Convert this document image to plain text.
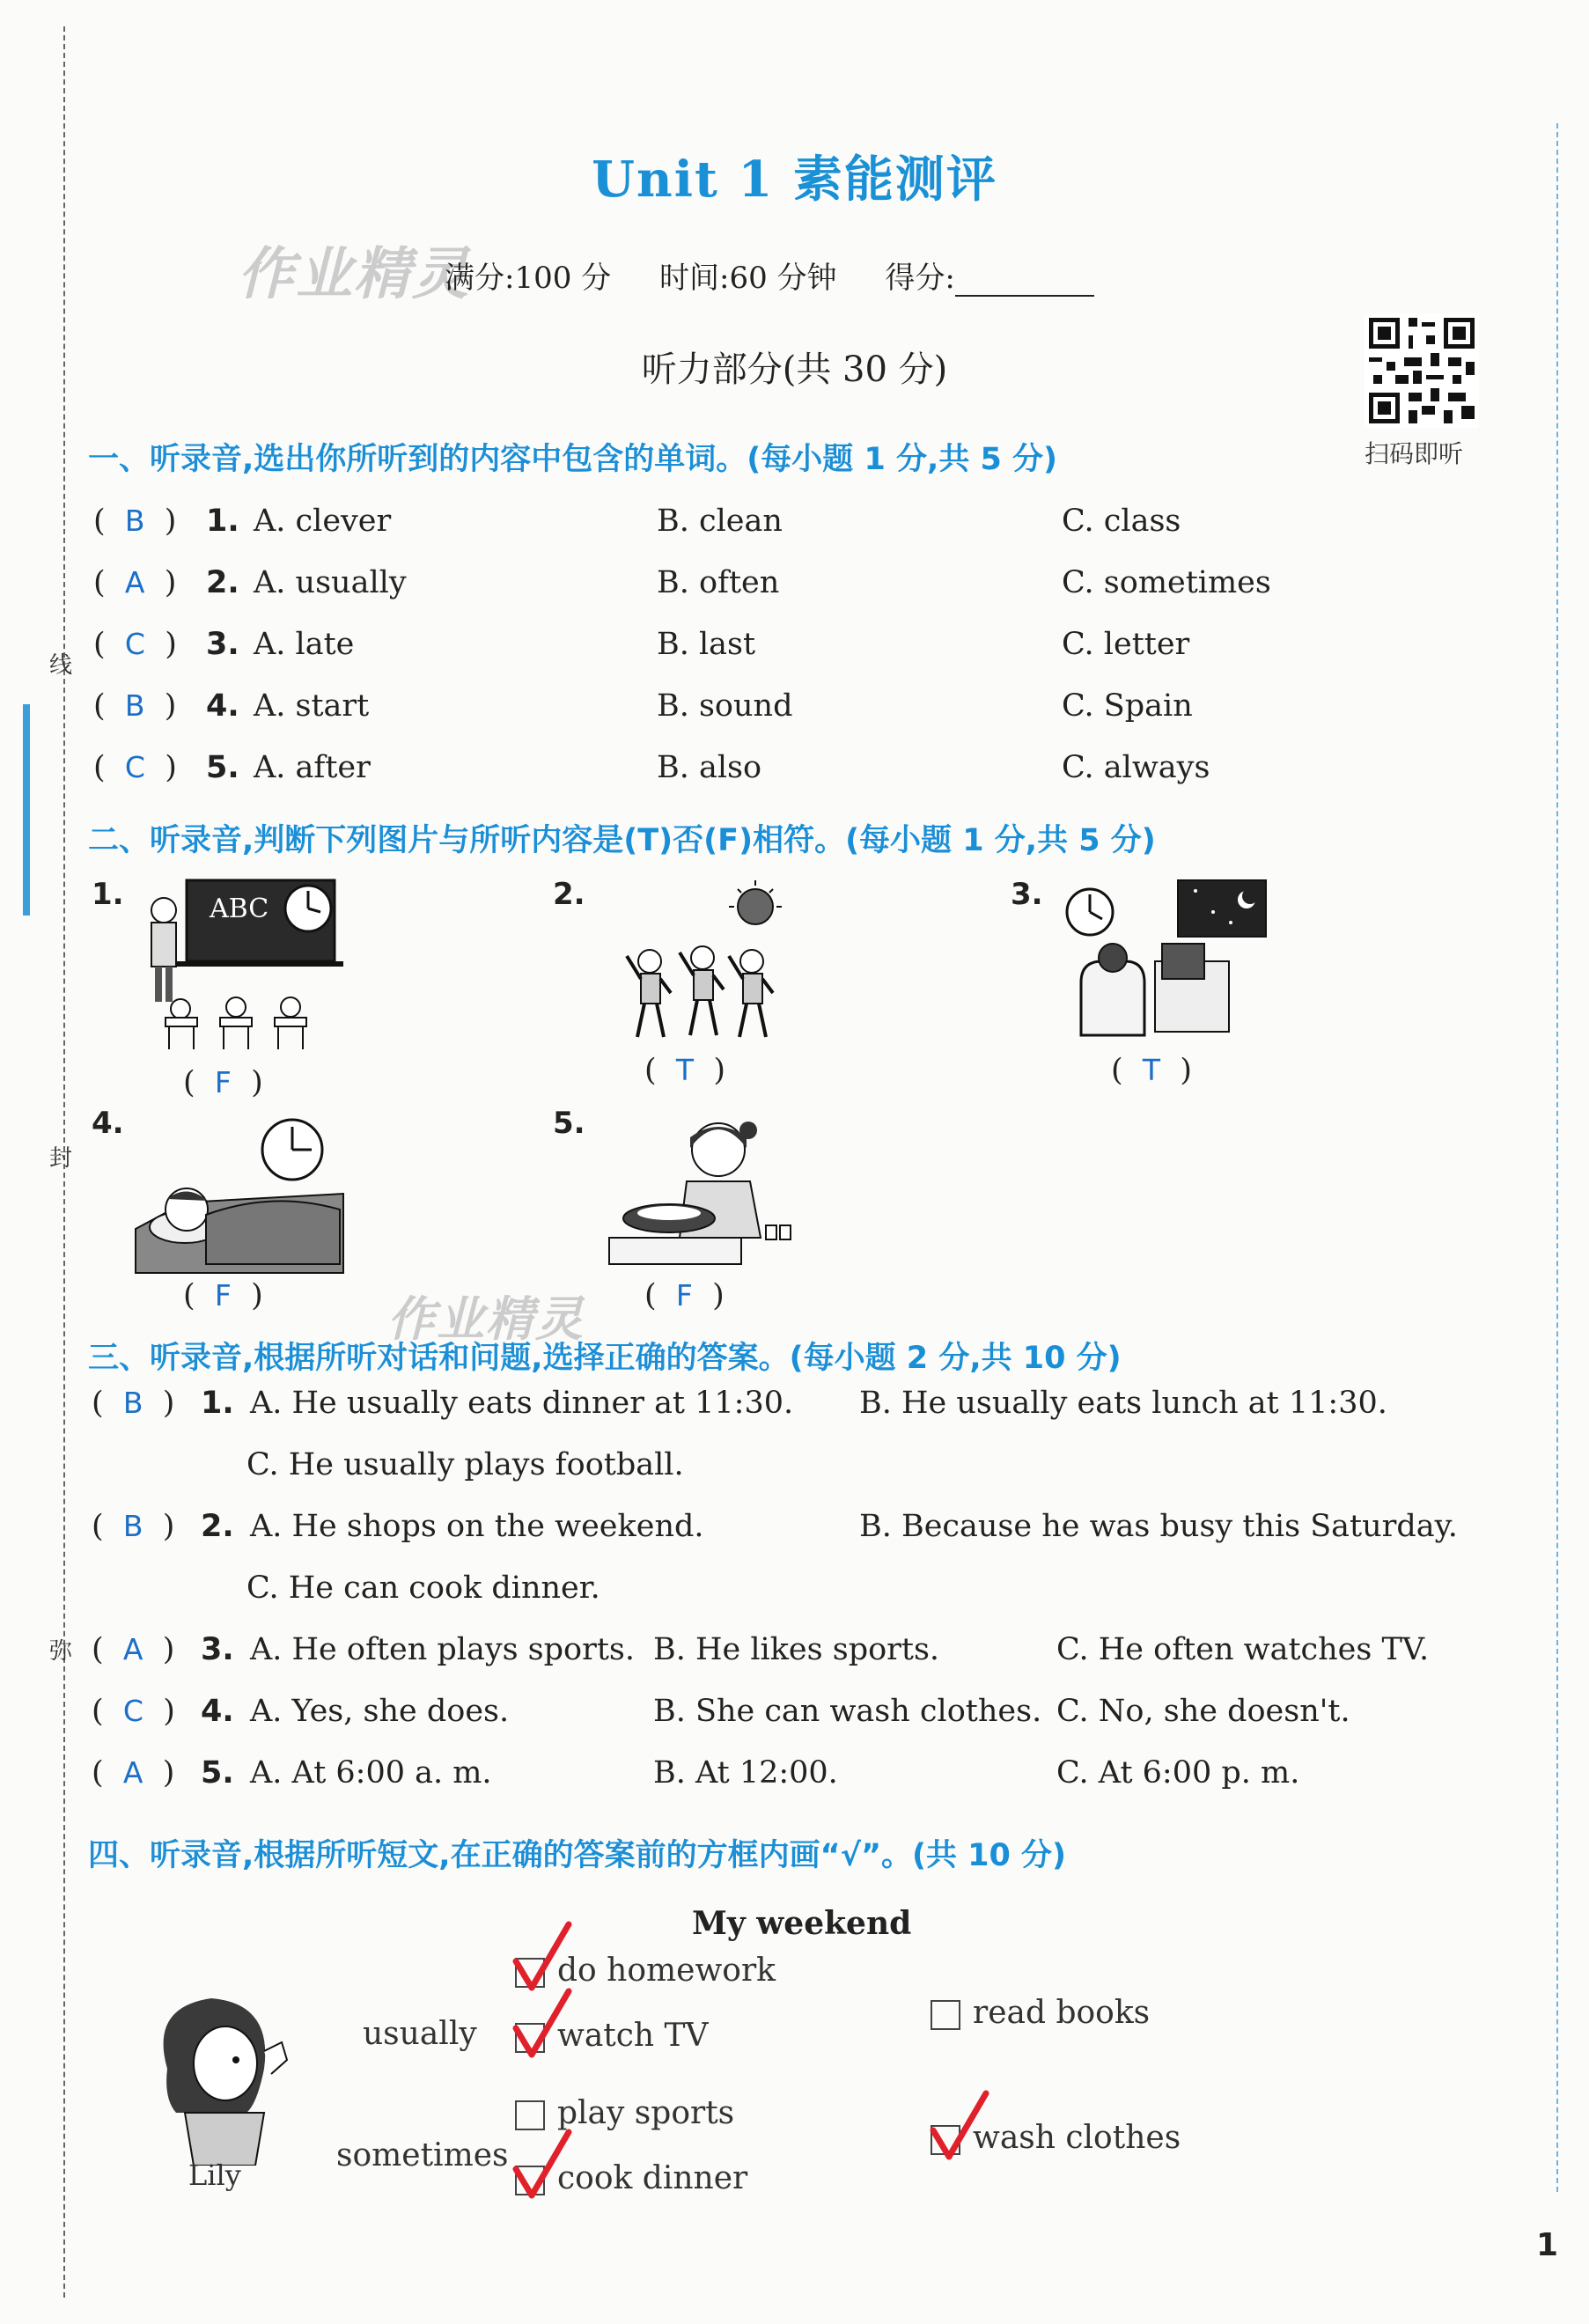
线
封
弥
Unit 1 素能测评
作业精灵
满分:100 分 时间:60 分钟 得分:
扫码即听
听力部分(共 30 分)
一、听录音,选出你所听到的内容中包含的单词。(每小题 1 分,共 5 分)
(  B  ) 1. A. clever	B. clean	C. class
(  A  ) 2. A. usually	B. often	C. sometimes
(  C  ) 3. A. late	B. last	C. letter
(  B  ) 4. A. start	B. sound	C. Spain
(  C  ) 5. A. after	B. also	C. always
二、听录音,判断下列图片与所听内容是(T)否(F)相符。(每小题 1 分,共 5 分)
1.	ABC
(  F  )
2.
(  T  )
3.
(  T  )
4.
(  F  )
5.
(  F  )
作业精灵
三、听录音,根据所听对话和问题,选择正确的答案。(每小题 2 分,共 10 分)
(  B  ) 1. A. He usually eats dinner at 11:30. B. He usually eats lunch at 11:30.
C. He usually plays football.
(  B  ) 2. A. He shops on the weekend.	B. Because he was busy this Saturday.
C. He can cook dinner.
(  A  ) 3. A. He often plays sports. B. He likes sports.	C. He often watches TV.
(  C  ) 4. A. Yes, she does.	B. She can wash clothes. C. No, she doesn't.
(  A  ) 5. A. At 6:00 a. m.	B. At 12:00.	C. At 6:00 p. m.
四、听录音,根据所听短文,在正确的答案前的方框内画“√”。(共 10 分)
My weekend
Lily
usually
sometimes
do homework
watch TV
read books
play sports
cook dinner
wash clothes
1
